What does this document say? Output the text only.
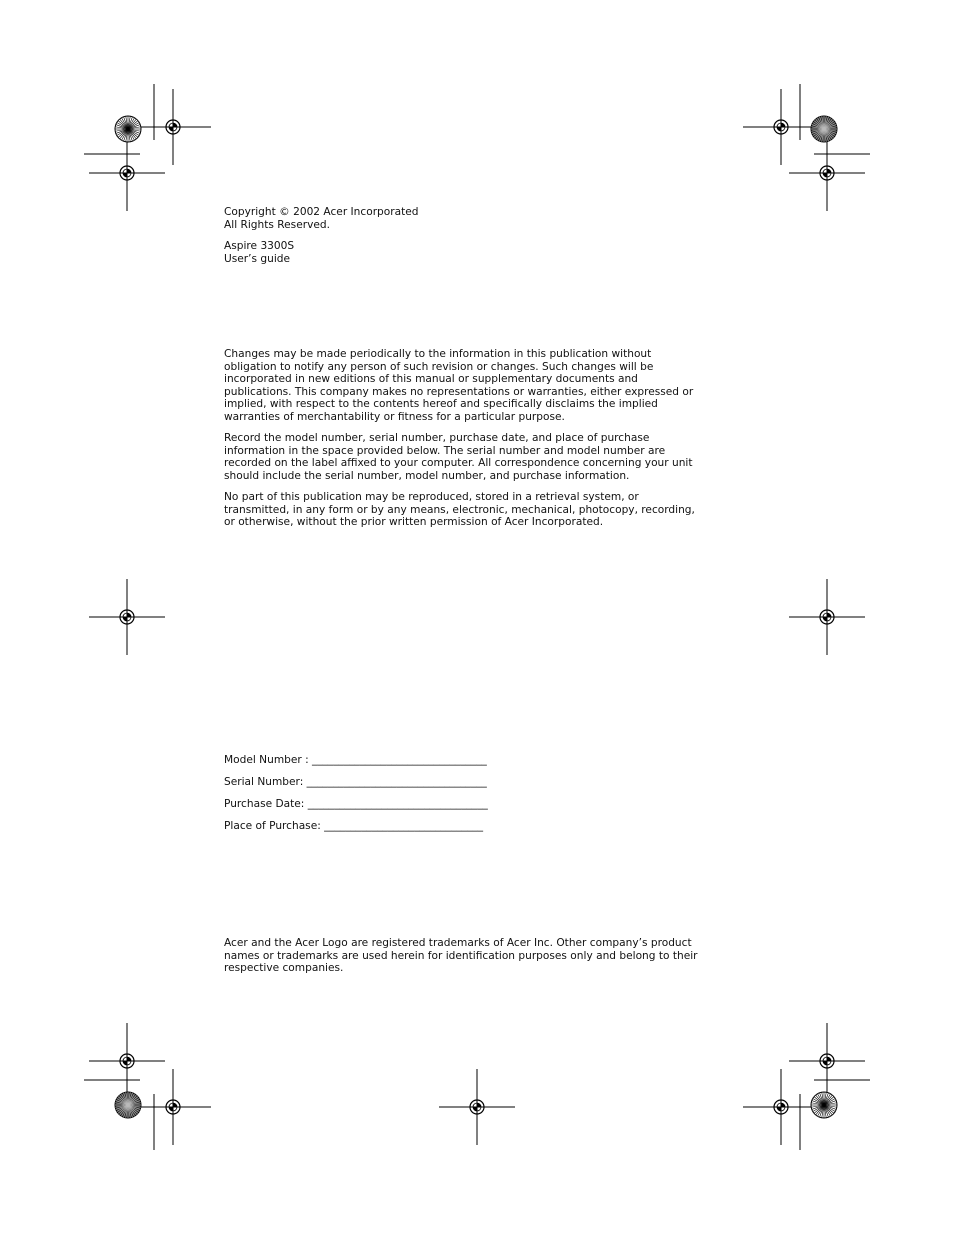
Copyright © 2002 Acer Incorporated

All Rights Reserved.

Aspire 3300S

User’s guide

Changes may be made periodically to the information in this publication without obligation to notify any person of such revision or changes. Such changes will be incorporated in new editions of this manual or supplementary documents and publications. This company makes no representations or warranties, either expressed or implied, with respect to the contents hereof and specifically disclaims the implied warranties of merchantability or fitness for a particular purpose.

Record the model number, serial number, purchase date, and place of purchase information in the space provided below. The serial number and model number are recorded on the label affixed to your computer. All correspondence concerning your unit should include the serial number, model number, and purchase information.

No part of this publication may be reproduced, stored in a retrieval system, or transmitted, in any form or by any means, electronic, mechanical, photocopy, recording, or otherwise, without the prior written permission of Acer Incorporated.

Model Number : _________________________________
Serial Number: __________________________________
Purchase Date: __________________________________
Place of Purchase: ______________________________

Acer and the Acer Logo are registered trademarks of Acer Inc. Other company’s product names or trademarks are used herein for identification purposes only and belong to their respective companies.
